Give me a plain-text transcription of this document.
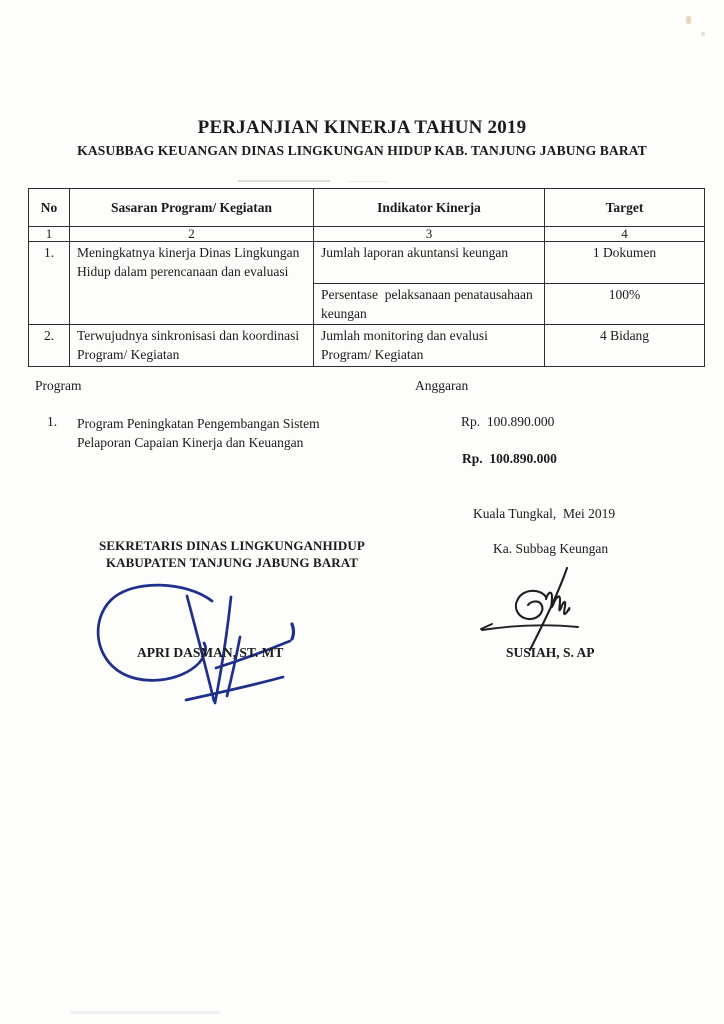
PERJANJIAN KINERJA TAHUN 2019
KASUBBAG KEUANGAN DINAS LINGKUNGAN HIDUP KAB. TANJUNG JABUNG BARAT
No	Sasaran Program/ Kegiatan	Indikator Kinerja	Target
1	2	3	4
1.	Meningkatnya kinerja Dinas Lingkungan Hidup dalam perencanaan dan evaluasi	Jumlah laporan akuntansi keungan	1 Dokumen
		Persentase  pelaksanaan penatausahaan keungan	100%
2.	Terwujudnya sinkronisasi dan koordinasi Program/ Kegiatan	Jumlah monitoring dan evalusi Program/ Kegiatan	4 Bidang
Program	Anggaran
1. Program Peningkatan Pengembangan Sistem
Pelaporan Capaian Kinerja dan Keuangan
Rp.  100.890.000
Rp.  100.890.000
Kuala Tungkal,  Mei 2019
SEKRETARIS DINAS LINGKUNGANHIDUP
KABUPATEN TANJUNG JABUNG BARAT
Ka. Subbag Keungan
APRI DASMAN, ST. MT	SUSIAH, S. AP
